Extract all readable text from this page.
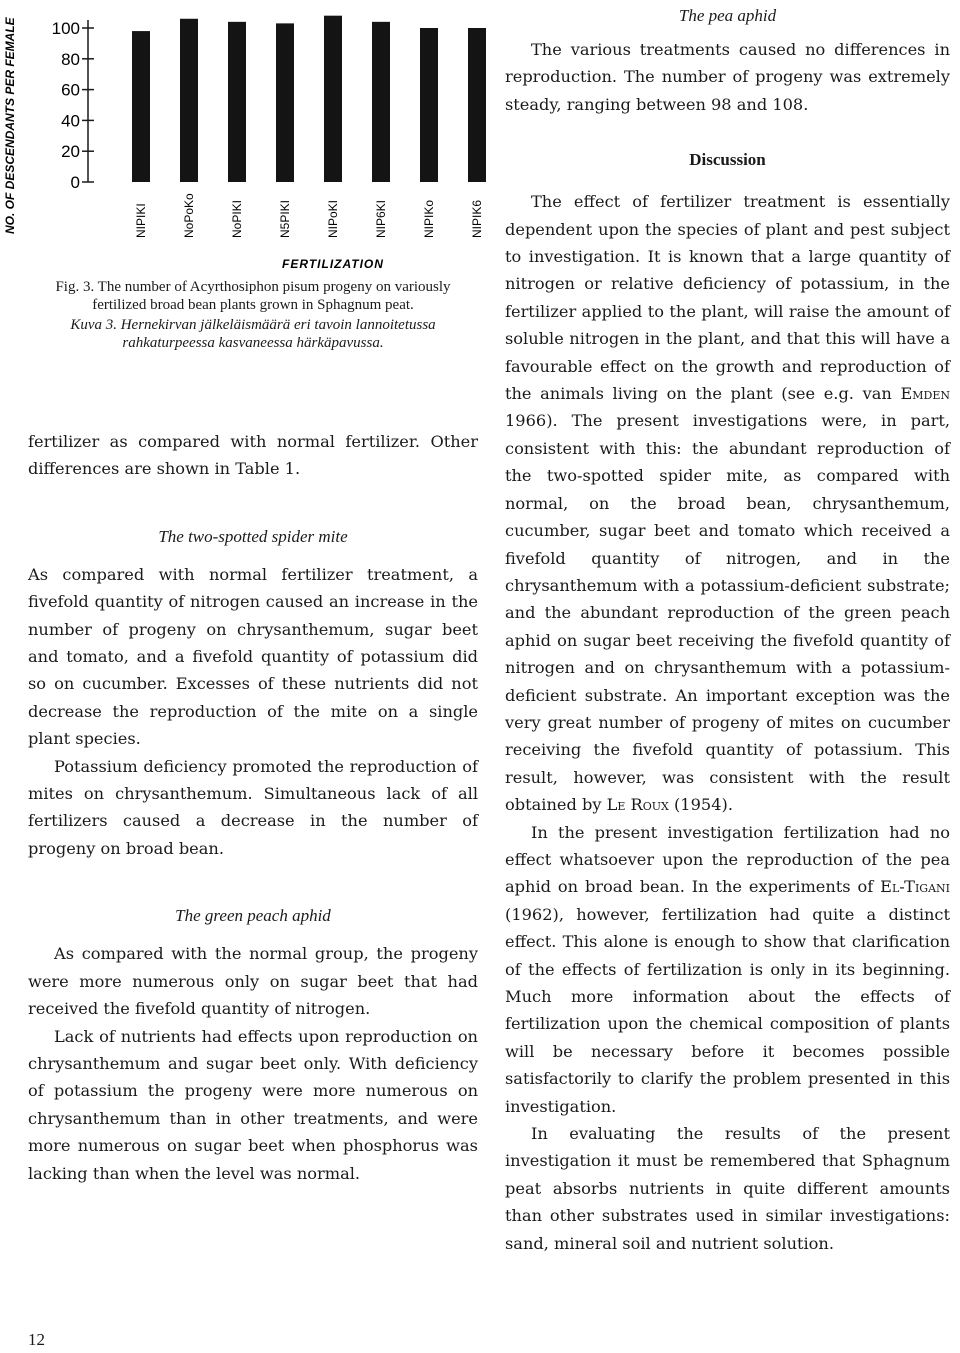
NO. OF DESCENDANTS PER FEMALE 100
80
60
40
20
0
NIPIKI	NoPoKo	NoPIKI	N5PIKI	NIPoKI	NIP6KI	NIPIKo	NIPIK6
FERTILIZATION
Fig. 3. The number of Acyrthosiphon pisum progeny on variously fertilized broad bean plants grown in Sphagnum peat.
Kuva 3. Hernekirvan jälkeläismäärä eri tavoin lannoitetussa rahkaturpeessa kasvaneessa härkäpavussa.

fertilizer as compared with normal fertilizer. Other differences are shown in Table 1.

The two-spotted spider mite

As compared with normal fertilizer treatment, a fivefold quantity of nitrogen caused an increase in the number of progeny on chrysanthemum, sugar beet and tomato, and a fivefold quantity of potassium did so on cucumber. Excesses of these nutrients did not decrease the reproduction of the mite on a single plant species.

Potassium deficiency promoted the reproduction of mites on chrysanthemum. Simultaneous lack of all fertilizers caused a decrease in the number of progeny on broad bean.

The green peach aphid

As compared with the normal group, the progeny were more numerous only on sugar beet that had received the fivefold quantity of nitrogen.

Lack of nutrients had effects upon reproduction on chrysanthemum and sugar beet only. With deficiency of potassium the progeny were more numerous on chrysanthemum than in other treatments, and were more numerous on sugar beet when phosphorus was lacking than when the level was normal.

The pea aphid

The various treatments caused no differences in reproduction. The number of progeny was extremely steady, ranging between 98 and 108.

Discussion

The effect of fertilizer treatment is essentially dependent upon the species of plant and pest subject to investigation. It is known that a large quantity of nitrogen or relative deficiency of potassium, in the fertilizer applied to the plant, will raise the amount of soluble nitrogen in the plant, and that this will have a favourable effect on the growth and reproduction of the animals living on the plant (see e.g. van Emden 1966). The present investigations were, in part, consistent with this: the abundant reproduction of the two-spotted spider mite, as compared with normal, on the broad bean, chrysanthemum, cucumber, sugar beet and tomato which received a fivefold quantity of nitrogen, and in the chrysanthemum with a potassium-deficient substrate; and the abundant reproduction of the green peach aphid on sugar beet receiving the fivefold quantity of nitrogen and on chrysanthemum with a potassium-deficient substrate. An important exception was the very great number of progeny of mites on cucumber receiving the fivefold quantity of potassium. This result, however, was consistent with the result obtained by Le Roux (1954).

In the present investigation fertilization had no effect whatsoever upon the reproduction of the pea aphid on broad bean. In the experiments of El-Tigani (1962), however, fertilization had quite a distinct effect. This alone is enough to show that clarification of the effects of fertilization is only in its beginning. Much more information about the effects of fertilization upon the chemical composition of plants will be necessary before it becomes possible satisfactorily to clarify the problem presented in this investigation.

In evaluating the results of the present investigation it must be remembered that Sphagnum peat absorbs nutrients in quite different amounts than other substrates used in similar investigations: sand, mineral soil and nutrient solution.

12
